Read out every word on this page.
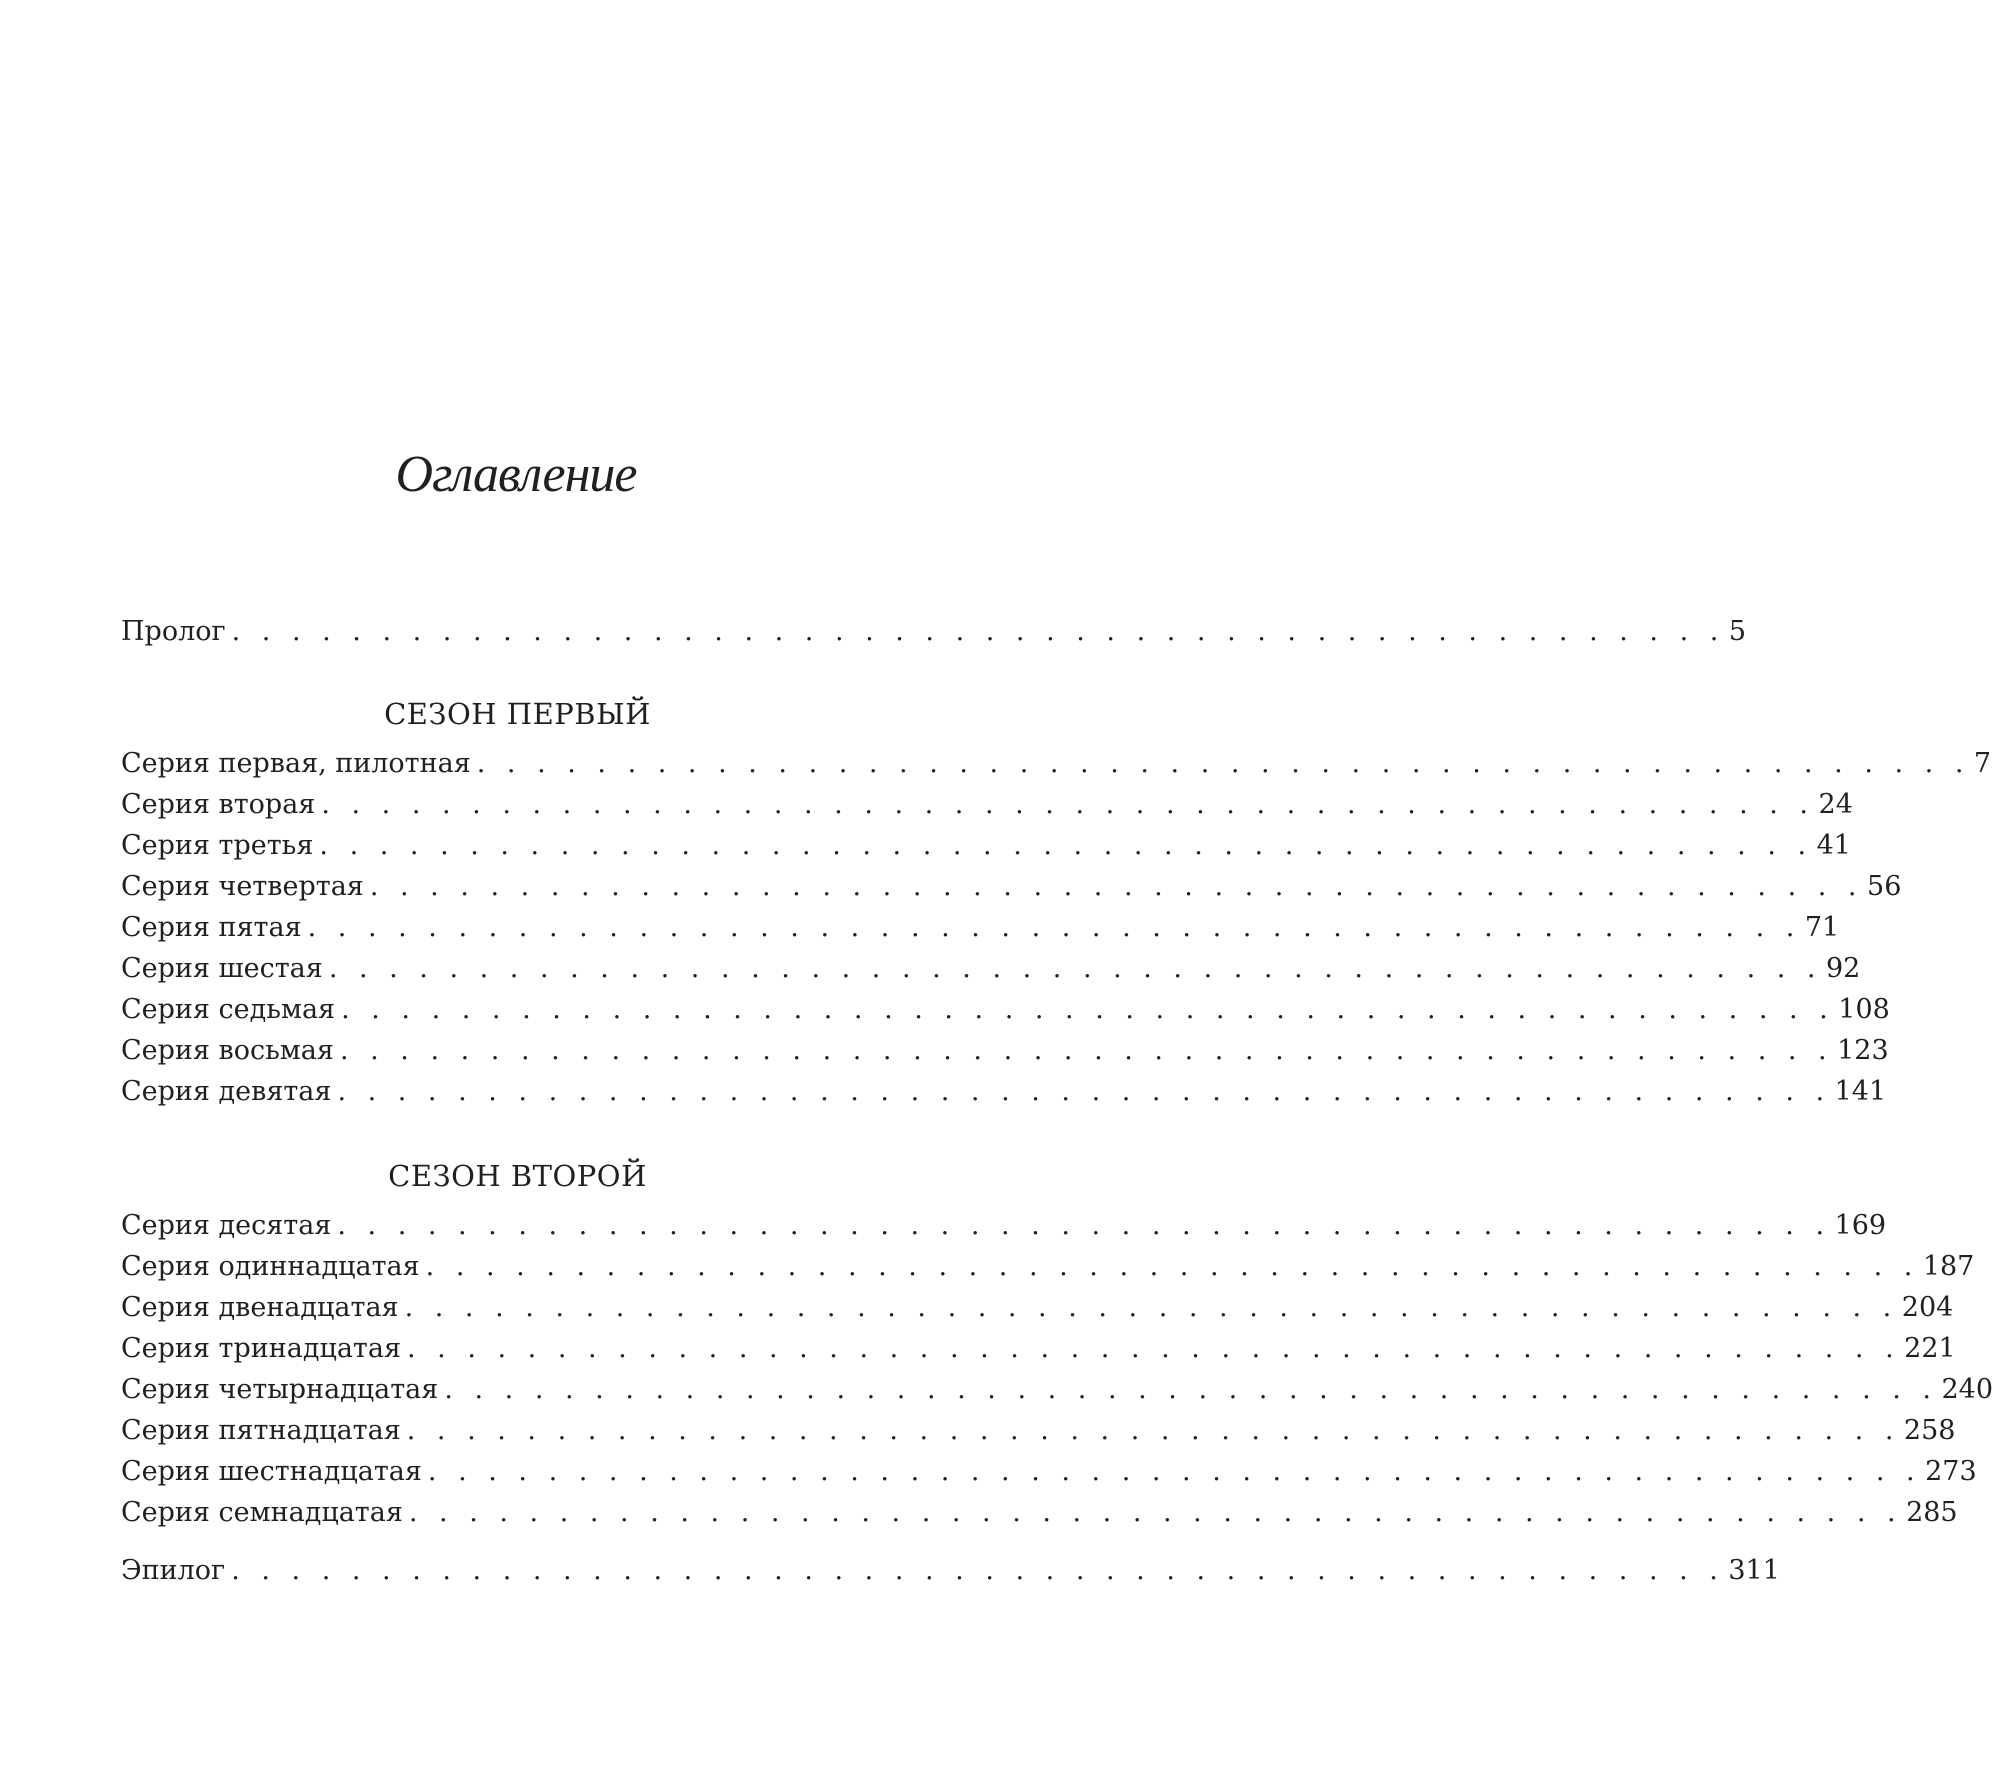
Оглавление
Пролог . . . . . . . . . . . . . . . . . . . . . . . . . . . . . . . . . . . . . . . . . . . . . . . . . . 5
СЕЗОН ПЕРВЫЙ
Серия первая, пилотная . . . . . . . . . . . . . . . . . . . . . . . . . . . . . . . . . . . . . . . . . . . . . . . . . . 7
Серия вторая . . . . . . . . . . . . . . . . . . . . . . . . . . . . . . . . . . . . . . . . . . . . . . . . . . 24
Серия третья . . . . . . . . . . . . . . . . . . . . . . . . . . . . . . . . . . . . . . . . . . . . . . . . . . 41
Серия четвертая . . . . . . . . . . . . . . . . . . . . . . . . . . . . . . . . . . . . . . . . . . . . . . . . . . 56
Серия пятая . . . . . . . . . . . . . . . . . . . . . . . . . . . . . . . . . . . . . . . . . . . . . . . . . . 71
Серия шестая . . . . . . . . . . . . . . . . . . . . . . . . . . . . . . . . . . . . . . . . . . . . . . . . . . 92
Серия седьмая . . . . . . . . . . . . . . . . . . . . . . . . . . . . . . . . . . . . . . . . . . . . . . . . . . 108
Серия восьмая . . . . . . . . . . . . . . . . . . . . . . . . . . . . . . . . . . . . . . . . . . . . . . . . . . 123
Серия девятая . . . . . . . . . . . . . . . . . . . . . . . . . . . . . . . . . . . . . . . . . . . . . . . . . . 141
СЕЗОН ВТОРОЙ
Серия десятая . . . . . . . . . . . . . . . . . . . . . . . . . . . . . . . . . . . . . . . . . . . . . . . . . . 169
Серия одиннадцатая . . . . . . . . . . . . . . . . . . . . . . . . . . . . . . . . . . . . . . . . . . . . . . . . . . 187
Серия двенадцатая . . . . . . . . . . . . . . . . . . . . . . . . . . . . . . . . . . . . . . . . . . . . . . . . . . 204
Серия тринадцатая . . . . . . . . . . . . . . . . . . . . . . . . . . . . . . . . . . . . . . . . . . . . . . . . . . 221
Серия четырнадцатая . . . . . . . . . . . . . . . . . . . . . . . . . . . . . . . . . . . . . . . . . . . . . . . . . . 240
Серия пятнадцатая . . . . . . . . . . . . . . . . . . . . . . . . . . . . . . . . . . . . . . . . . . . . . . . . . . 258
Серия шестнадцатая . . . . . . . . . . . . . . . . . . . . . . . . . . . . . . . . . . . . . . . . . . . . . . . . . . 273
Серия семнадцатая . . . . . . . . . . . . . . . . . . . . . . . . . . . . . . . . . . . . . . . . . . . . . . . . . . 285
Эпилог . . . . . . . . . . . . . . . . . . . . . . . . . . . . . . . . . . . . . . . . . . . . . . . . . . 311
